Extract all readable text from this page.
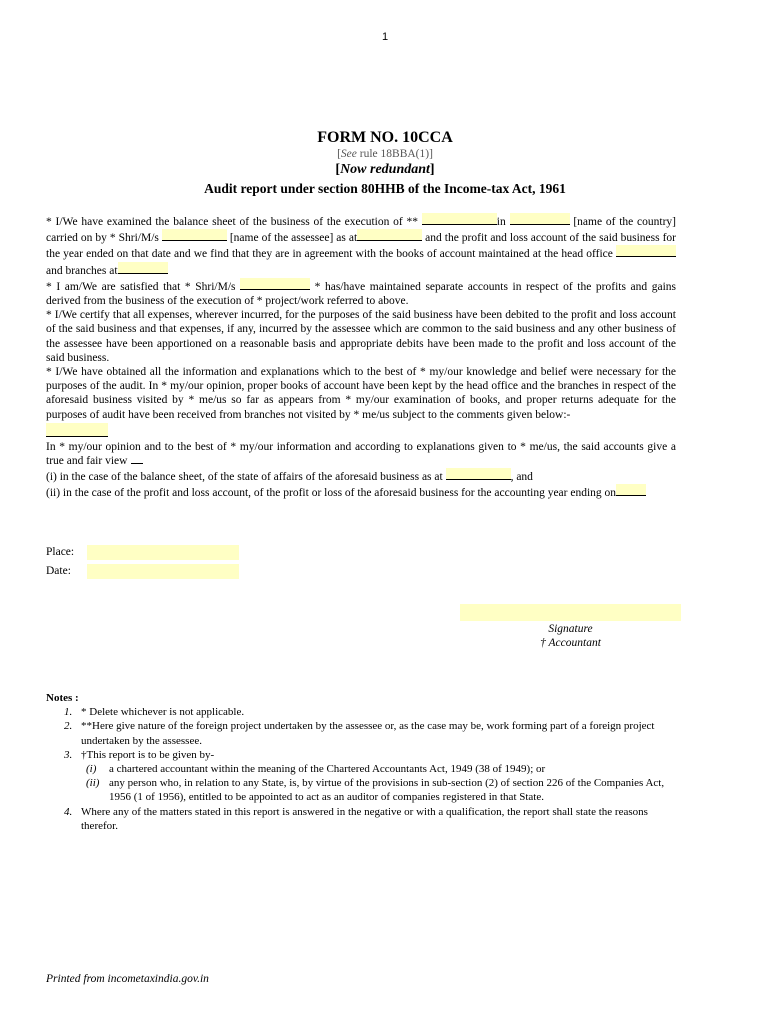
1
FORM NO. 10CCA
[See rule 18BBA(1)]
[Now redundant]
Audit report under section 80HHB of the Income-tax Act, 1961

* I/We have examined the balance sheet of the business of the execution of **	in	[name of the country] carried on by * Shri/M/s	[name of the assessee] as at	and the profit and loss account of the said business for the year ended on that date and we find that they are in agreement with the books of account maintained at the head office and branches at

* I am/We are satisfied that * Shri/M/s	* has/have maintained separate accounts in respect of the profits and gains derived from the business of the execution of * project/work referred to above.

* I/We certify that all expenses, wherever incurred, for the purposes of the said business have been debited to the profit and loss account of the said business and that expenses, if any, incurred by the assessee which are common to the said business and any other business of the assessee have been apportioned on a reasonable basis and appropriate debits have been made to the profit and loss account of the said business.

* I/We have obtained all the information and explanations which to the best of * my/our knowledge and belief were necessary for the purposes of the audit. In * my/our opinion, proper books of account have been kept by the head office and the branches in respect of the aforesaid business visited by * me/us so far as appears from * my/our examination of books, and proper returns adequate for the purposes of audit have been received from branches not visited by * me/us subject to the comments given below:-

In * my/our opinion and to the best of * my/our information and according to explanations given to * me/us, the said accounts give a true and fair view

(i) in the case of the balance sheet, of the state of affairs of the aforesaid business as at	, and

(ii) in the case of the profit and loss account, of the profit or loss of the aforesaid business for the accounting year ending on

Place:
Date:
Signature
† Accountant
Notes :
1. * Delete whichever is not applicable.
2. **Here give nature of the foreign project undertaken by the assessee or, as the case may be, work forming part of a foreign project undertaken by the assessee.
3. †This report is to be given by-
(i) a chartered accountant within the meaning of the Chartered Accountants Act, 1949 (38 of 1949); or
(ii) any person who, in relation to any State, is, by virtue of the provisions in sub-section (2) of section 226 of the Companies Act, 1956 (1 of 1956), entitled to be appointed to act as an auditor of companies registered in that State.
4. Where any of the matters stated in this report is answered in the negative or with a qualification, the report shall state the reasons therefor.
Printed from incometaxindia.gov.in
